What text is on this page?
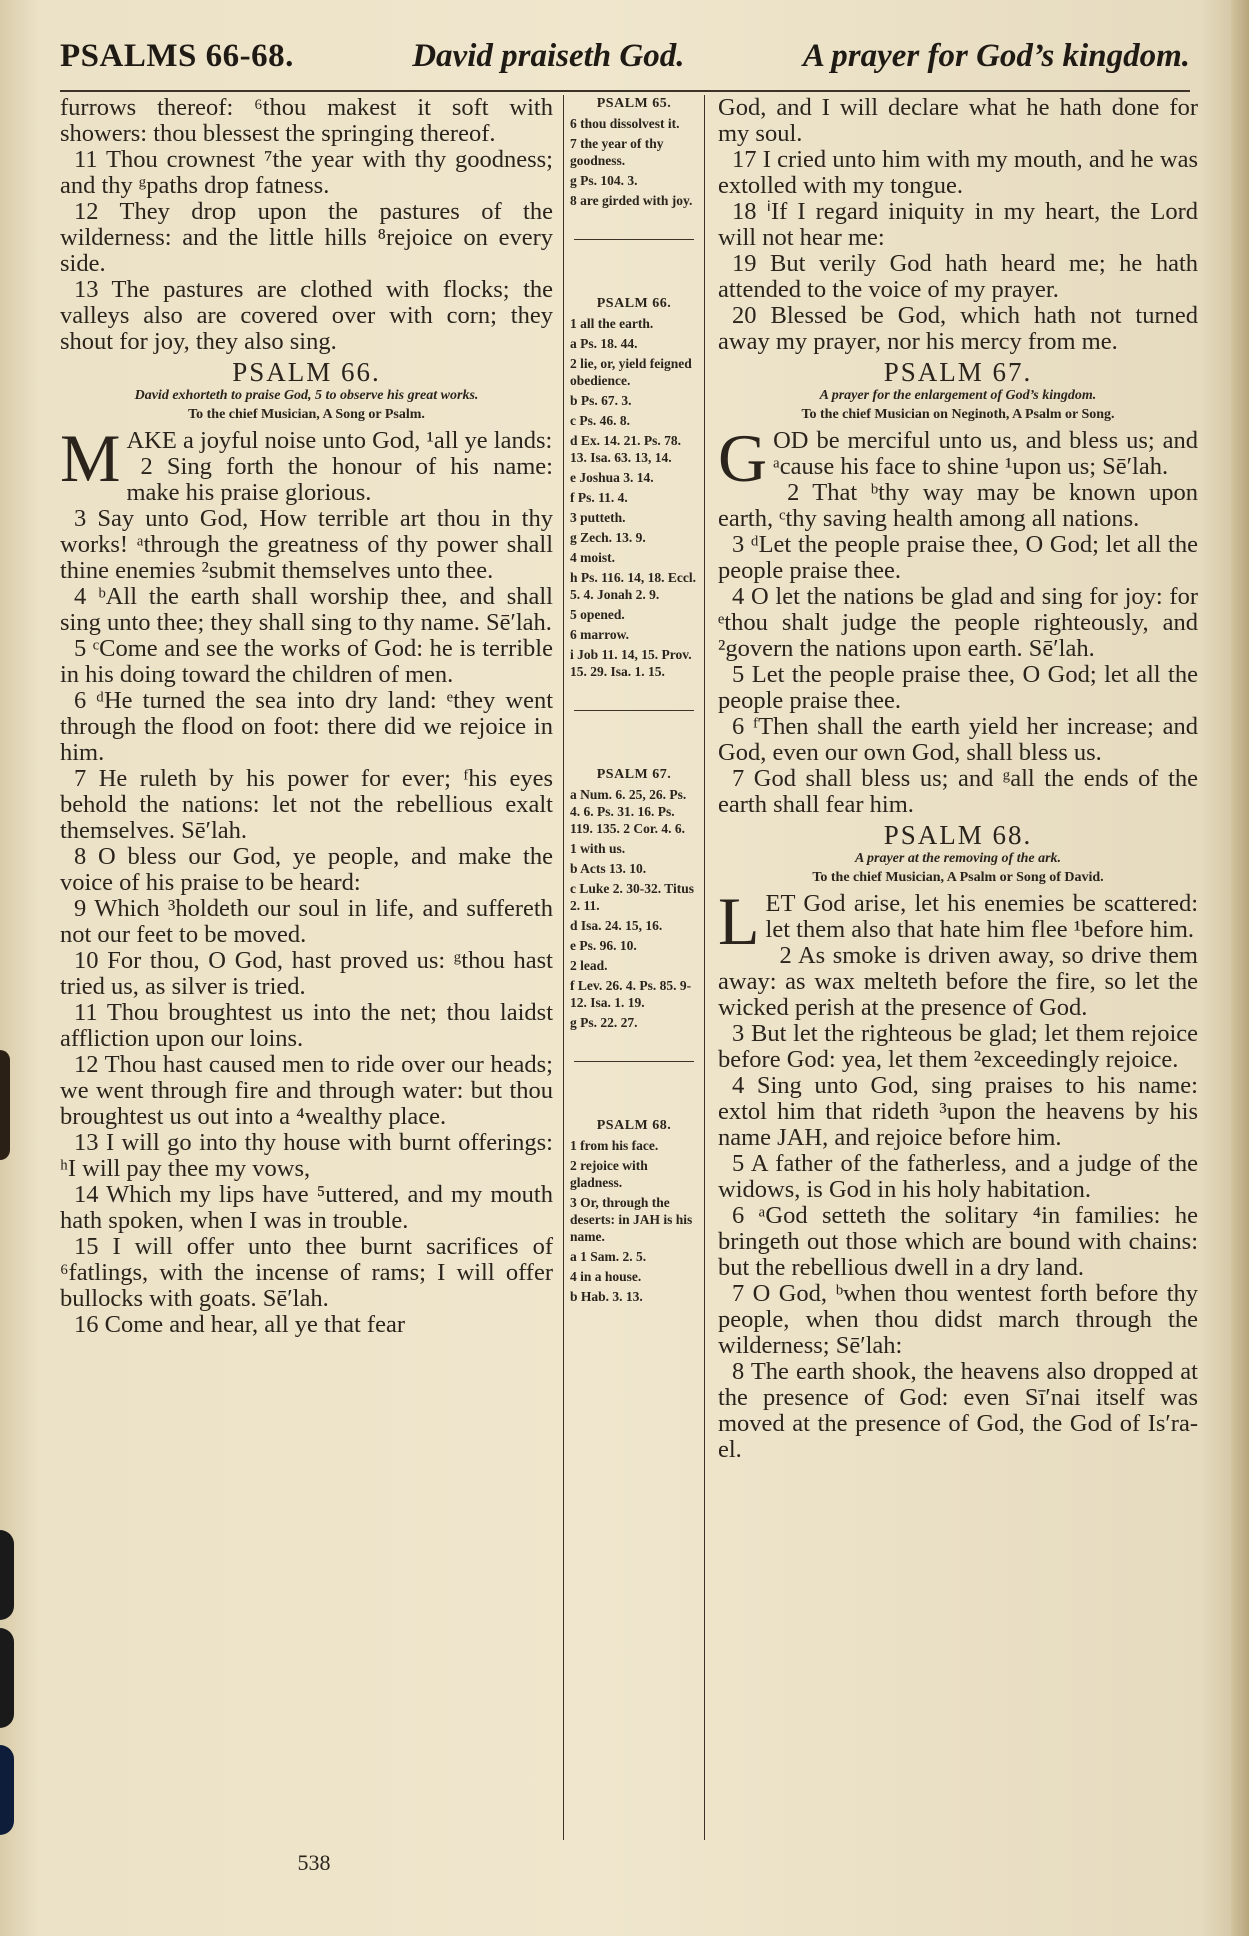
PSALMS 66-68.	David praiseth God.	A prayer for God’s kingdom.
furrows thereof: ⁶thou makest it soft with showers: thou blessest the springing thereof.
11 Thou crownest ⁷the year with thy goodness; and thy ᵍpaths drop fatness.
12 They drop upon the pastures of the wilderness: and the little hills ⁸rejoice on every side.
13 The pastures are clothed with flocks; the valleys also are covered over with corn; they shout for joy, they also sing.
PSALM 66.
David exhorteth to praise God, 5 to observe his great works.
To the chief Musician, A Song or Psalm.
MAKE a joyful noise unto God, ¹all ye lands:
2 Sing forth the honour of his name: make his praise glorious.
3 Say unto God, How terrible art thou in thy works! ᵃthrough the greatness of thy power shall thine enemies ²submit themselves unto thee.
4 ᵇAll the earth shall worship thee, and shall sing unto thee; they shall sing to thy name. Sē′lah.
5 ᶜCome and see the works of God: he is terrible in his doing toward the children of men.
6 ᵈHe turned the sea into dry land: ᵉthey went through the flood on foot: there did we rejoice in him.
7 He ruleth by his power for ever; ᶠhis eyes behold the nations: let not the rebellious exalt themselves. Sē′lah.
8 O bless our God, ye people, and make the voice of his praise to be heard:
9 Which ³holdeth our soul in life, and suffereth not our feet to be moved.
10 For thou, O God, hast proved us: ᵍthou hast tried us, as silver is tried.
11 Thou broughtest us into the net; thou laidst affliction upon our loins.
12 Thou hast caused men to ride over our heads; we went through fire and through water: but thou broughtest us out into a ⁴wealthy place.
13 I will go into thy house with burnt offerings: ʰI will pay thee my vows,
14 Which my lips have ⁵uttered, and my mouth hath spoken, when I was in trouble.
15 I will offer unto thee burnt sacrifices of ⁶fatlings, with the incense of rams; I will offer bullocks with goats. Sē′lah.
16 Come and hear, all ye that fear
PSALM 65.
6 thou dissolvest it.
7 the year of thy goodness.
g Ps. 104. 3.
8 are girded with joy.
PSALM 66.
1 all the earth.
a Ps. 18. 44.
2 lie, or, yield feigned obedience.
b Ps. 67. 3.
c Ps. 46. 8.
d Ex. 14. 21. Ps. 78. 13. Isa. 63. 13, 14.
e Joshua 3. 14.
f Ps. 11. 4.
3 putteth.
g Zech. 13. 9.
4 moist.
h Ps. 116. 14, 18. Eccl. 5. 4. Jonah 2. 9.
5 opened.
6 marrow.
i Job 11. 14, 15. Prov. 15. 29. Isa. 1. 15.
PSALM 67.
a Num. 6. 25, 26. Ps. 4. 6. Ps. 31. 16. Ps. 119. 135. 2 Cor. 4. 6.
1 with us.
b Acts 13. 10.
c Luke 2. 30-32. Titus 2. 11.
d Isa. 24. 15, 16.
e Ps. 96. 10.
2 lead.
f Lev. 26. 4. Ps. 85. 9-12. Isa. 1. 19.
g Ps. 22. 27.
PSALM 68.
1 from his face.
2 rejoice with gladness.
3 Or, through the deserts: in JAH is his name.
a 1 Sam. 2. 5.
4 in a house.
b Hab. 3. 13.
God, and I will declare what he hath done for my soul.
17 I cried unto him with my mouth, and he was extolled with my tongue.
18 ⁱIf I regard iniquity in my heart, the Lord will not hear me:
19 But verily God hath heard me; he hath attended to the voice of my prayer.
20 Blessed be God, which hath not turned away my prayer, nor his mercy from me.
PSALM 67.
A prayer for the enlargement of God’s kingdom.
To the chief Musician on Neginoth, A Psalm or Song.
GOD be merciful unto us, and bless us; and ᵃcause his face to shine ¹upon us; Sē′lah.
2 That ᵇthy way may be known upon earth, ᶜthy saving health among all nations.
3 ᵈLet the people praise thee, O God; let all the people praise thee.
4 O let the nations be glad and sing for joy: for ᵉthou shalt judge the people righteously, and ²govern the nations upon earth. Sē′lah.
5 Let the people praise thee, O God; let all the people praise thee.
6 ᶠThen shall the earth yield her increase; and God, even our own God, shall bless us.
7 God shall bless us; and ᵍall the ends of the earth shall fear him.
PSALM 68.
A prayer at the removing of the ark.
To the chief Musician, A Psalm or Song of David.
LET God arise, let his enemies be scattered: let them also that hate him flee ¹before him.
2 As smoke is driven away, so drive them away: as wax melteth before the fire, so let the wicked perish at the presence of God.
3 But let the righteous be glad; let them rejoice before God: yea, let them ²exceedingly rejoice.
4 Sing unto God, sing praises to his name: extol him that rideth ³upon the heavens by his name JAH, and rejoice before him.
5 A father of the fatherless, and a judge of the widows, is God in his holy habitation.
6 ᵃGod setteth the solitary ⁴in families: he bringeth out those which are bound with chains: but the rebellious dwell in a dry land.
7 O God, ᵇwhen thou wentest forth before thy people, when thou didst march through the wilderness; Sē′lah:
8 The earth shook, the heavens also dropped at the presence of God: even Sī′nai itself was moved at the presence of God, the God of Is′ra-el.
538
